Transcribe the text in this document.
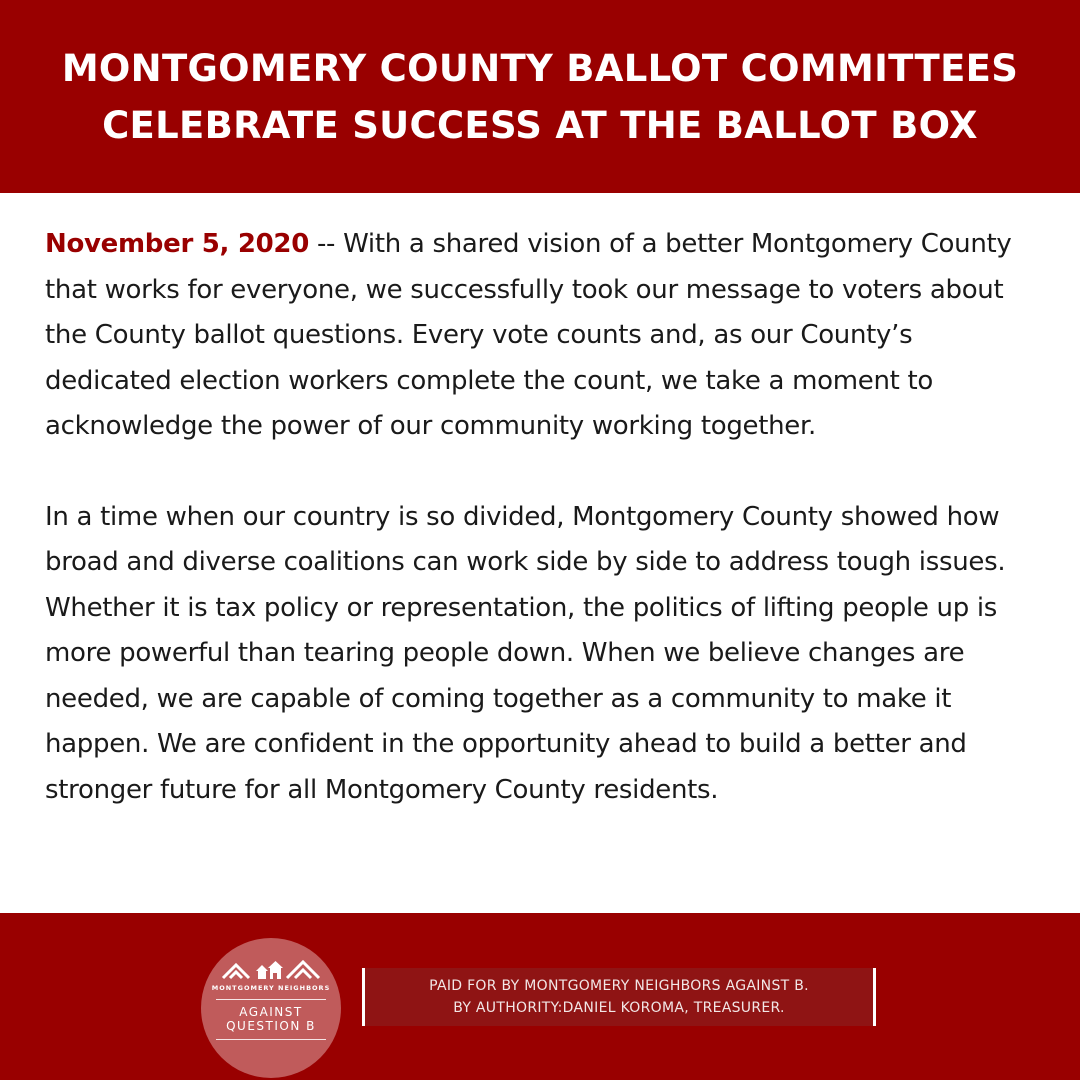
MONTGOMERY COUNTY BALLOT COMMITTEES
CELEBRATE SUCCESS AT THE BALLOT BOX

November 5, 2020 -- With a shared vision of a better Montgomery County that works for everyone, we successfully took our message to voters about the County ballot questions. Every vote counts and, as our County’s dedicated election workers complete the count, we take a moment to acknowledge the power of our community working together.

In a time when our country is so divided, Montgomery County showed how broad and diverse coalitions can work side by side to address tough issues. Whether it is tax policy or representation, the politics of lifting people up is more powerful than tearing people down. When we believe changes are needed, we are capable of coming together as a community to make it happen. We are confident in the opportunity ahead to build a better and stronger future for all Montgomery County residents.

MONTGOMERY NEIGHBORS
AGAINST
QUESTION B
PAID FOR BY MONTGOMERY NEIGHBORS AGAINST B.
BY AUTHORITY:DANIEL KOROMA, TREASURER.
